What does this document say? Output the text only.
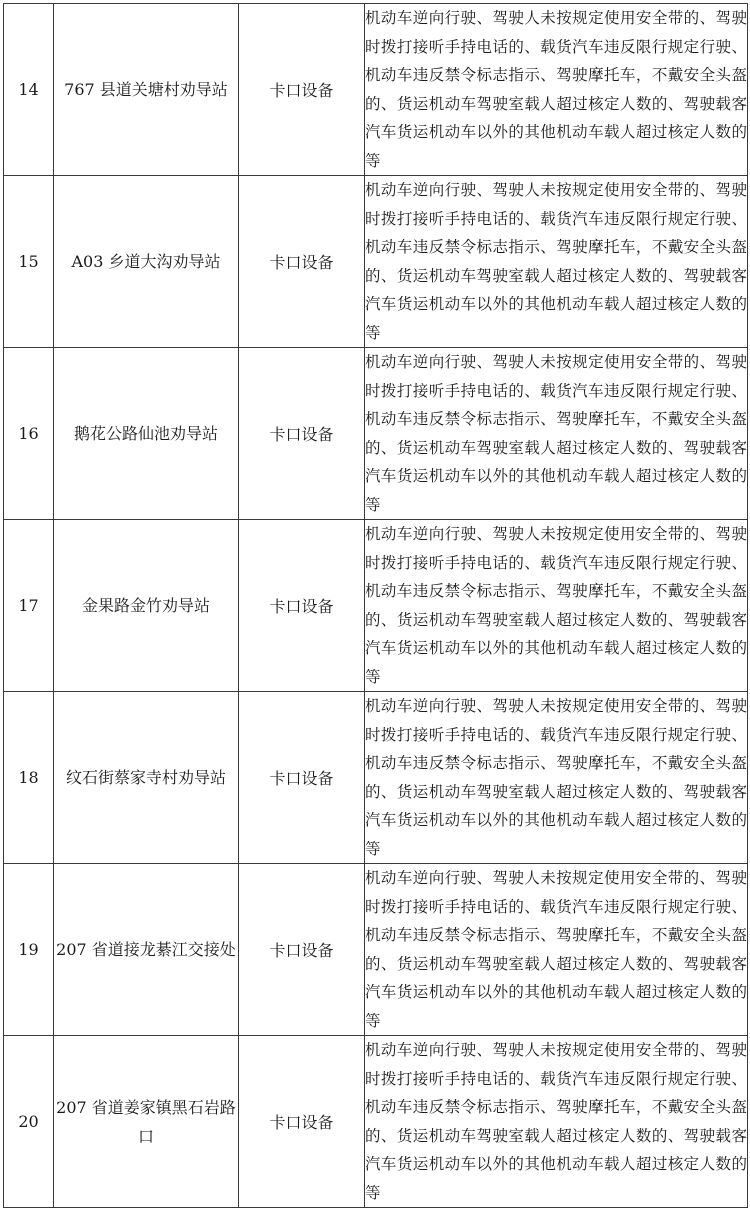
14	767 县道关塘村劝导站	卡口设备	机动车逆向行驶、驾驶人未按规定使用安全带的、驾驶时拨打接听手持电话的、载货汽车违反限行规定行驶、机动车违反禁令标志指示、驾驶摩托车，不戴安全头盔的、货运机动车驾驶室载人超过核定人数的、驾驶载客汽车货运机动车以外的其他机动车载人超过核定人数的等
15	A03 乡道大沟劝导站	卡口设备	机动车逆向行驶、驾驶人未按规定使用安全带的、驾驶时拨打接听手持电话的、载货汽车违反限行规定行驶、机动车违反禁令标志指示、驾驶摩托车，不戴安全头盔的、货运机动车驾驶室载人超过核定人数的、驾驶载客汽车货运机动车以外的其他机动车载人超过核定人数的等
16	鹅花公路仙池劝导站	卡口设备	机动车逆向行驶、驾驶人未按规定使用安全带的、驾驶时拨打接听手持电话的、载货汽车违反限行规定行驶、机动车违反禁令标志指示、驾驶摩托车，不戴安全头盔的、货运机动车驾驶室载人超过核定人数的、驾驶载客汽车货运机动车以外的其他机动车载人超过核定人数的等
17	金果路金竹劝导站	卡口设备	机动车逆向行驶、驾驶人未按规定使用安全带的、驾驶时拨打接听手持电话的、载货汽车违反限行规定行驶、机动车违反禁令标志指示、驾驶摩托车，不戴安全头盔的、货运机动车驾驶室载人超过核定人数的、驾驶载客汽车货运机动车以外的其他机动车载人超过核定人数的等
18	纹石街蔡家寺村劝导站	卡口设备	机动车逆向行驶、驾驶人未按规定使用安全带的、驾驶时拨打接听手持电话的、载货汽车违反限行规定行驶、机动车违反禁令标志指示、驾驶摩托车，不戴安全头盔的、货运机动车驾驶室载人超过核定人数的、驾驶载客汽车货运机动车以外的其他机动车载人超过核定人数的等
19	207 省道接龙綦江交接处	卡口设备	机动车逆向行驶、驾驶人未按规定使用安全带的、驾驶时拨打接听手持电话的、载货汽车违反限行规定行驶、机动车违反禁令标志指示、驾驶摩托车，不戴安全头盔的、货运机动车驾驶室载人超过核定人数的、驾驶载客汽车货运机动车以外的其他机动车载人超过核定人数的等
20	207 省道姜家镇黑石岩路口	卡口设备	机动车逆向行驶、驾驶人未按规定使用安全带的、驾驶时拨打接听手持电话的、载货汽车违反限行规定行驶、机动车违反禁令标志指示、驾驶摩托车，不戴安全头盔的、货运机动车驾驶室载人超过核定人数的、驾驶载客汽车货运机动车以外的其他机动车载人超过核定人数的等
